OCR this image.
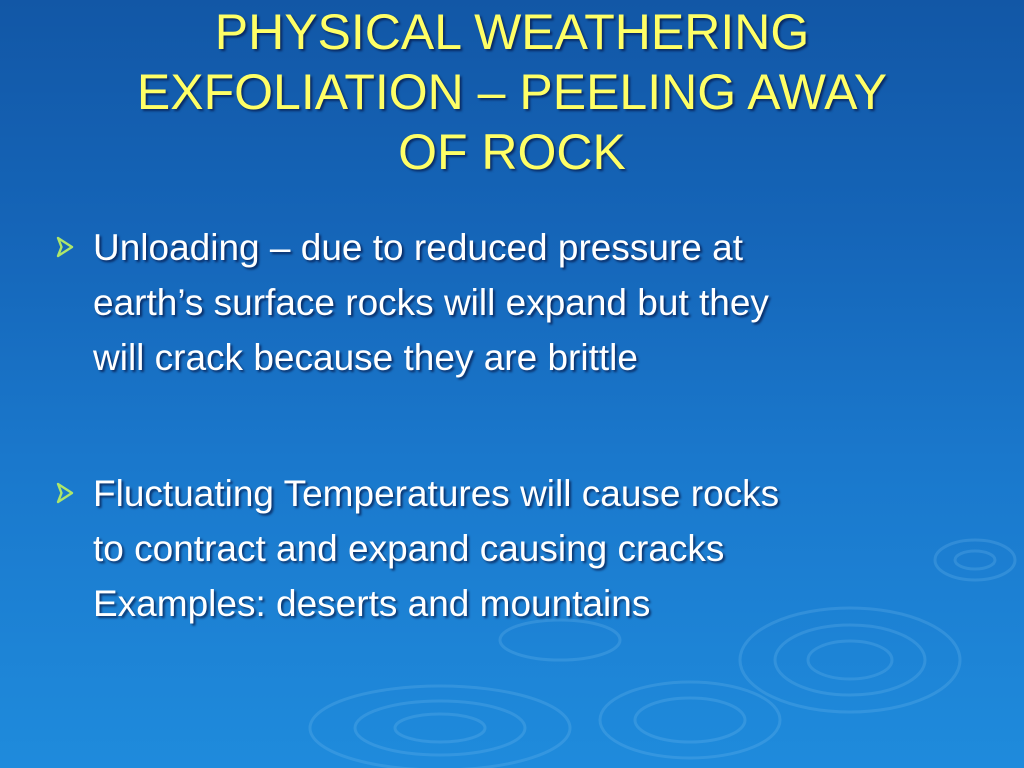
PHYSICAL WEATHERING
EXFOLIATION – PEELING AWAY
OF ROCK
Unloading – due to reduced pressure at
earth’s surface rocks will expand but they
will crack because they are brittle
Fluctuating Temperatures will cause rocks
to contract and expand causing cracks
Examples: deserts and mountains
